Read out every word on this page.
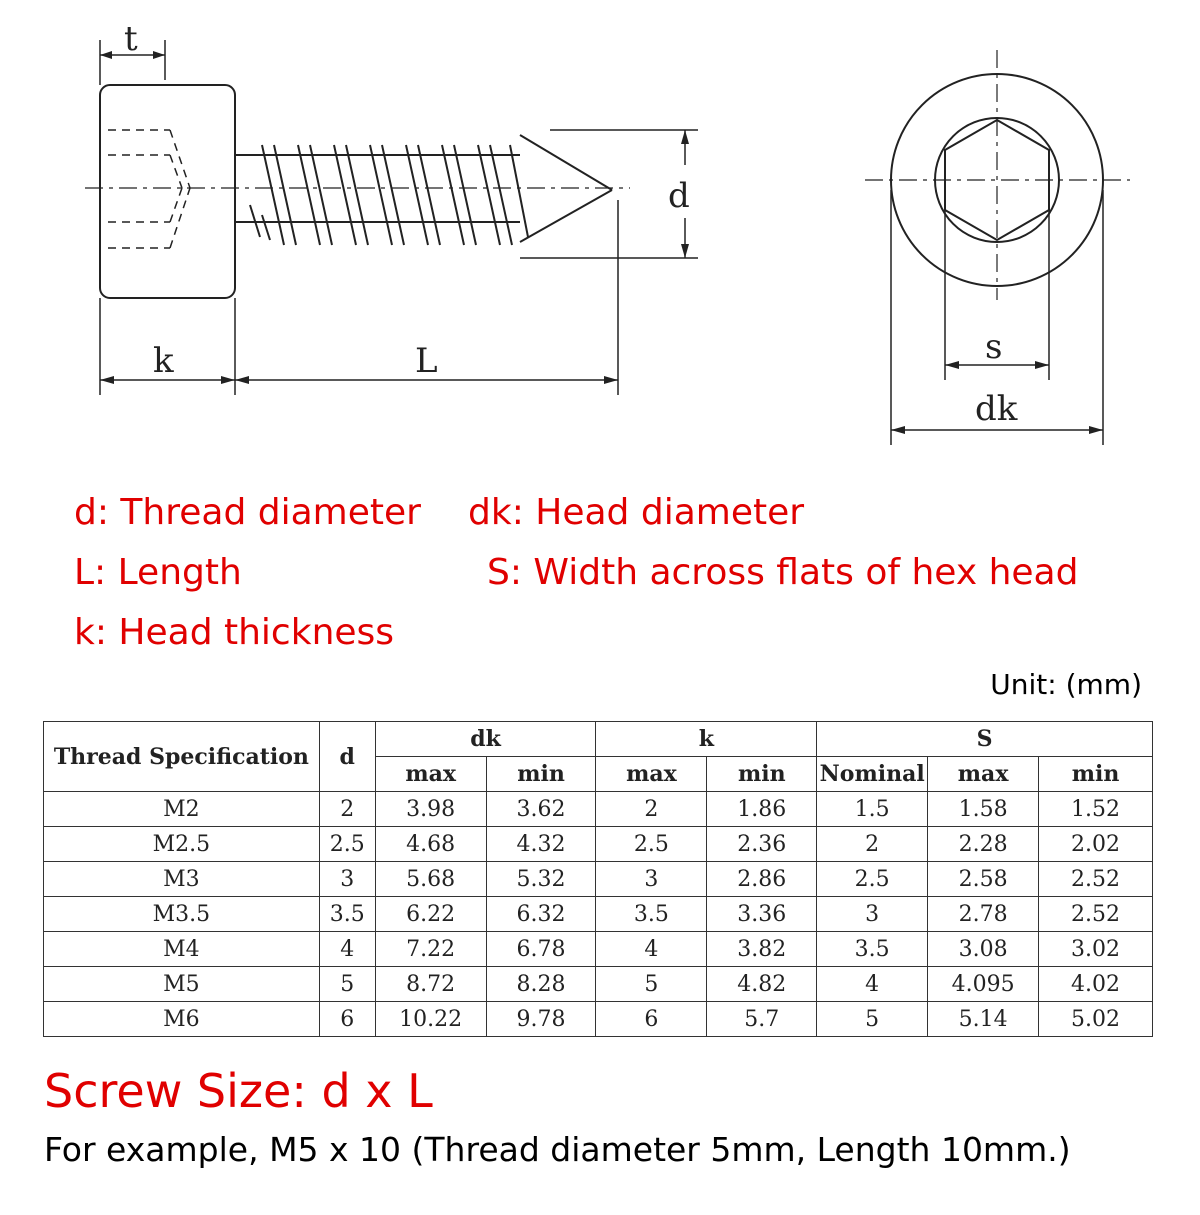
t
d
k	L	s
dk
d: Thread diameter dk: Head diameter
L: Length	S: Width across flats of hex head
k: Head thickness
Unit: (mm)
Thread Specification	d	dk		k		S		
		max	min	max	min	Nominal	max	min
M2	2	3.98	3.62	2	1.86	1.5	1.58	1.52
M2.5	2.5	4.68	4.32	2.5	2.36	2	2.28	2.02
M3	3	5.68	5.32	3	2.86	2.5	2.58	2.52
M3.5	3.5	6.22	6.32	3.5	3.36	3	2.78	2.52
M4	4	7.22	6.78	4	3.82	3.5	3.08	3.02
M5	5	8.72	8.28	5	4.82	4	4.095	4.02
M6	6	10.22	9.78	6	5.7	5	5.14	5.02
Screw Size: d x L
For example, M5 x 10 (Thread diameter 5mm, Length 10mm.)
